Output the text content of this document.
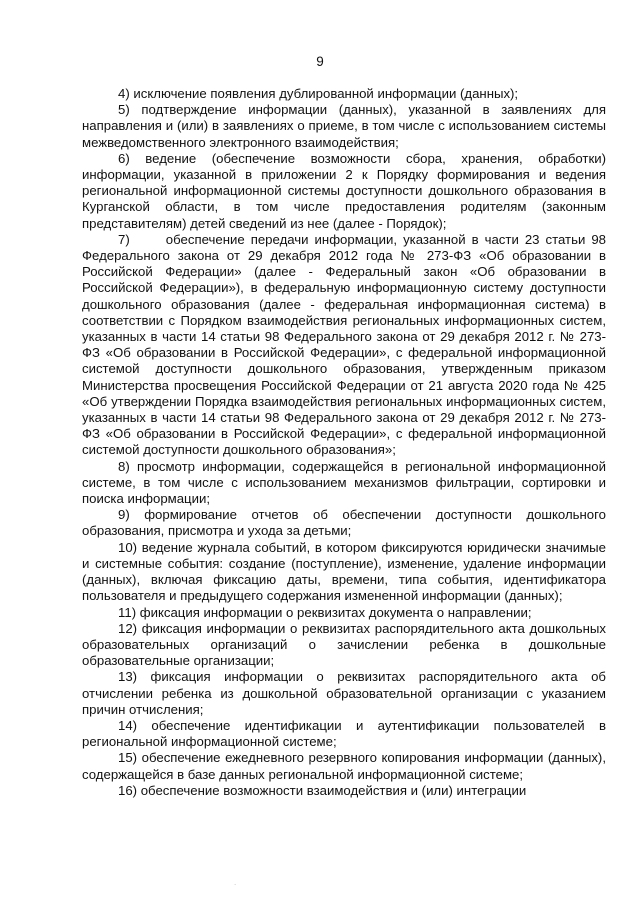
9

4) исключение появления дублированной информации (данных);

5) подтверждение информации (данных), указанной в заявлениях для направления и (или) в заявлениях о приеме, в том числе с использованием системы межведомственного электронного взаимодействия;

6) ведение (обеспечение возможности сбора, хранения, обработки) информации, указанной в приложении 2 к Порядку формирования и ведения региональной информационной системы доступности дошкольного образования в Курганской области, в том числе предоставления родителям (законным представителям) детей сведений из нее (далее - Порядок);

7)      обеспечение передачи информации, указанной в части 23 статьи 98 Федерального закона от 29 декабря 2012 года № 273-ФЗ «Об образовании в Российской Федерации» (далее - Федеральный закон «Об образовании в Российской Федерации»), в федеральную информационную систему доступности дошкольного образования (далее - федеральная информационная система) в соответствии с Порядком взаимодействия региональных информационных систем, указанных в части 14 статьи 98 Федерального закона от 29 декабря 2012 г. № 273-ФЗ «Об образовании в Российской Федерации», с федеральной информационной системой доступности дошкольного образования, утвержденным приказом Министерства просвещения Российской Федерации от 21 августа 2020 года № 425 «Об утверждении Порядка взаимодействия региональных информационных систем, указанных в части 14 статьи 98 Федерального закона от 29 декабря 2012 г. № 273-ФЗ «Об образовании в Российской Федерации», с федеральной информационной системой доступности дошкольного образования»;

8) просмотр информации, содержащейся в региональной информационной системе, в том числе с использованием механизмов фильтрации, сортировки и поиска информации;

9) формирование отчетов об обеспечении доступности дошкольного образования, присмотра и ухода за детьми;

10) ведение журнала событий, в котором фиксируются юридически значимые и системные события: создание (поступление), изменение, удаление информации (данных), включая фиксацию даты, времени, типа события, идентификатора пользователя и предыдущего содержания измененной информации (данных);

11) фиксация информации о реквизитах документа о направлении;

12) фиксация информации о реквизитах распорядительного акта дошкольных образовательных организаций о зачислении ребенка в дошкольные образовательные организации;

13) фиксация информации о реквизитах распорядительного акта об отчислении ребенка из дошкольной образовательной организации с указанием причин отчисления;

14) обеспечение идентификации и аутентификации пользователей в региональной информационной системе;

15) обеспечение ежедневного резервного копирования информации (данных), содержащейся в базе данных региональной информационной системе;

16) обеспечение возможности взаимодействия и (или) интеграции

.
